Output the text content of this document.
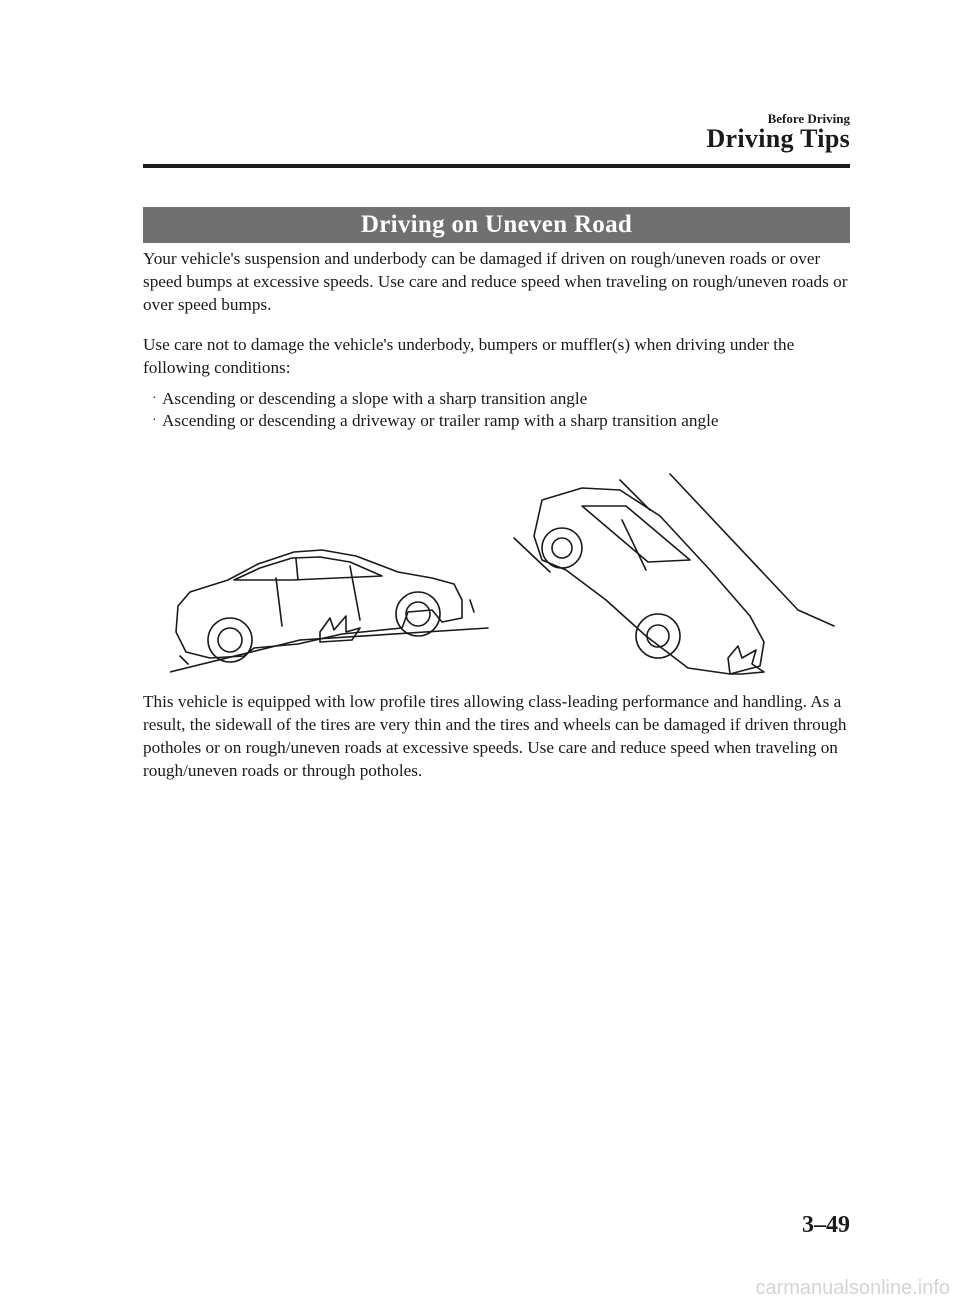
Before Driving
Driving Tips
Driving on Uneven Road

Your vehicle's suspension and underbody can be damaged if driven on rough/uneven roads or over speed bumps at excessive speeds. Use care and reduce speed when traveling on rough/uneven roads or over speed bumps.

Use care not to damage the vehicle's underbody, bumpers or muffler(s) when driving under the following conditions:

· Ascending or descending a slope with a sharp transition angle
· Ascending or descending a driveway or trailer ramp with a sharp transition angle

This vehicle is equipped with low profile tires allowing class-leading performance and handling. As a result, the sidewall of the tires are very thin and the tires and wheels can be damaged if driven through potholes or on rough/uneven roads at excessive speeds. Use care and reduce speed when traveling on rough/uneven roads or through potholes.

3–49
carmanualsonline.info
